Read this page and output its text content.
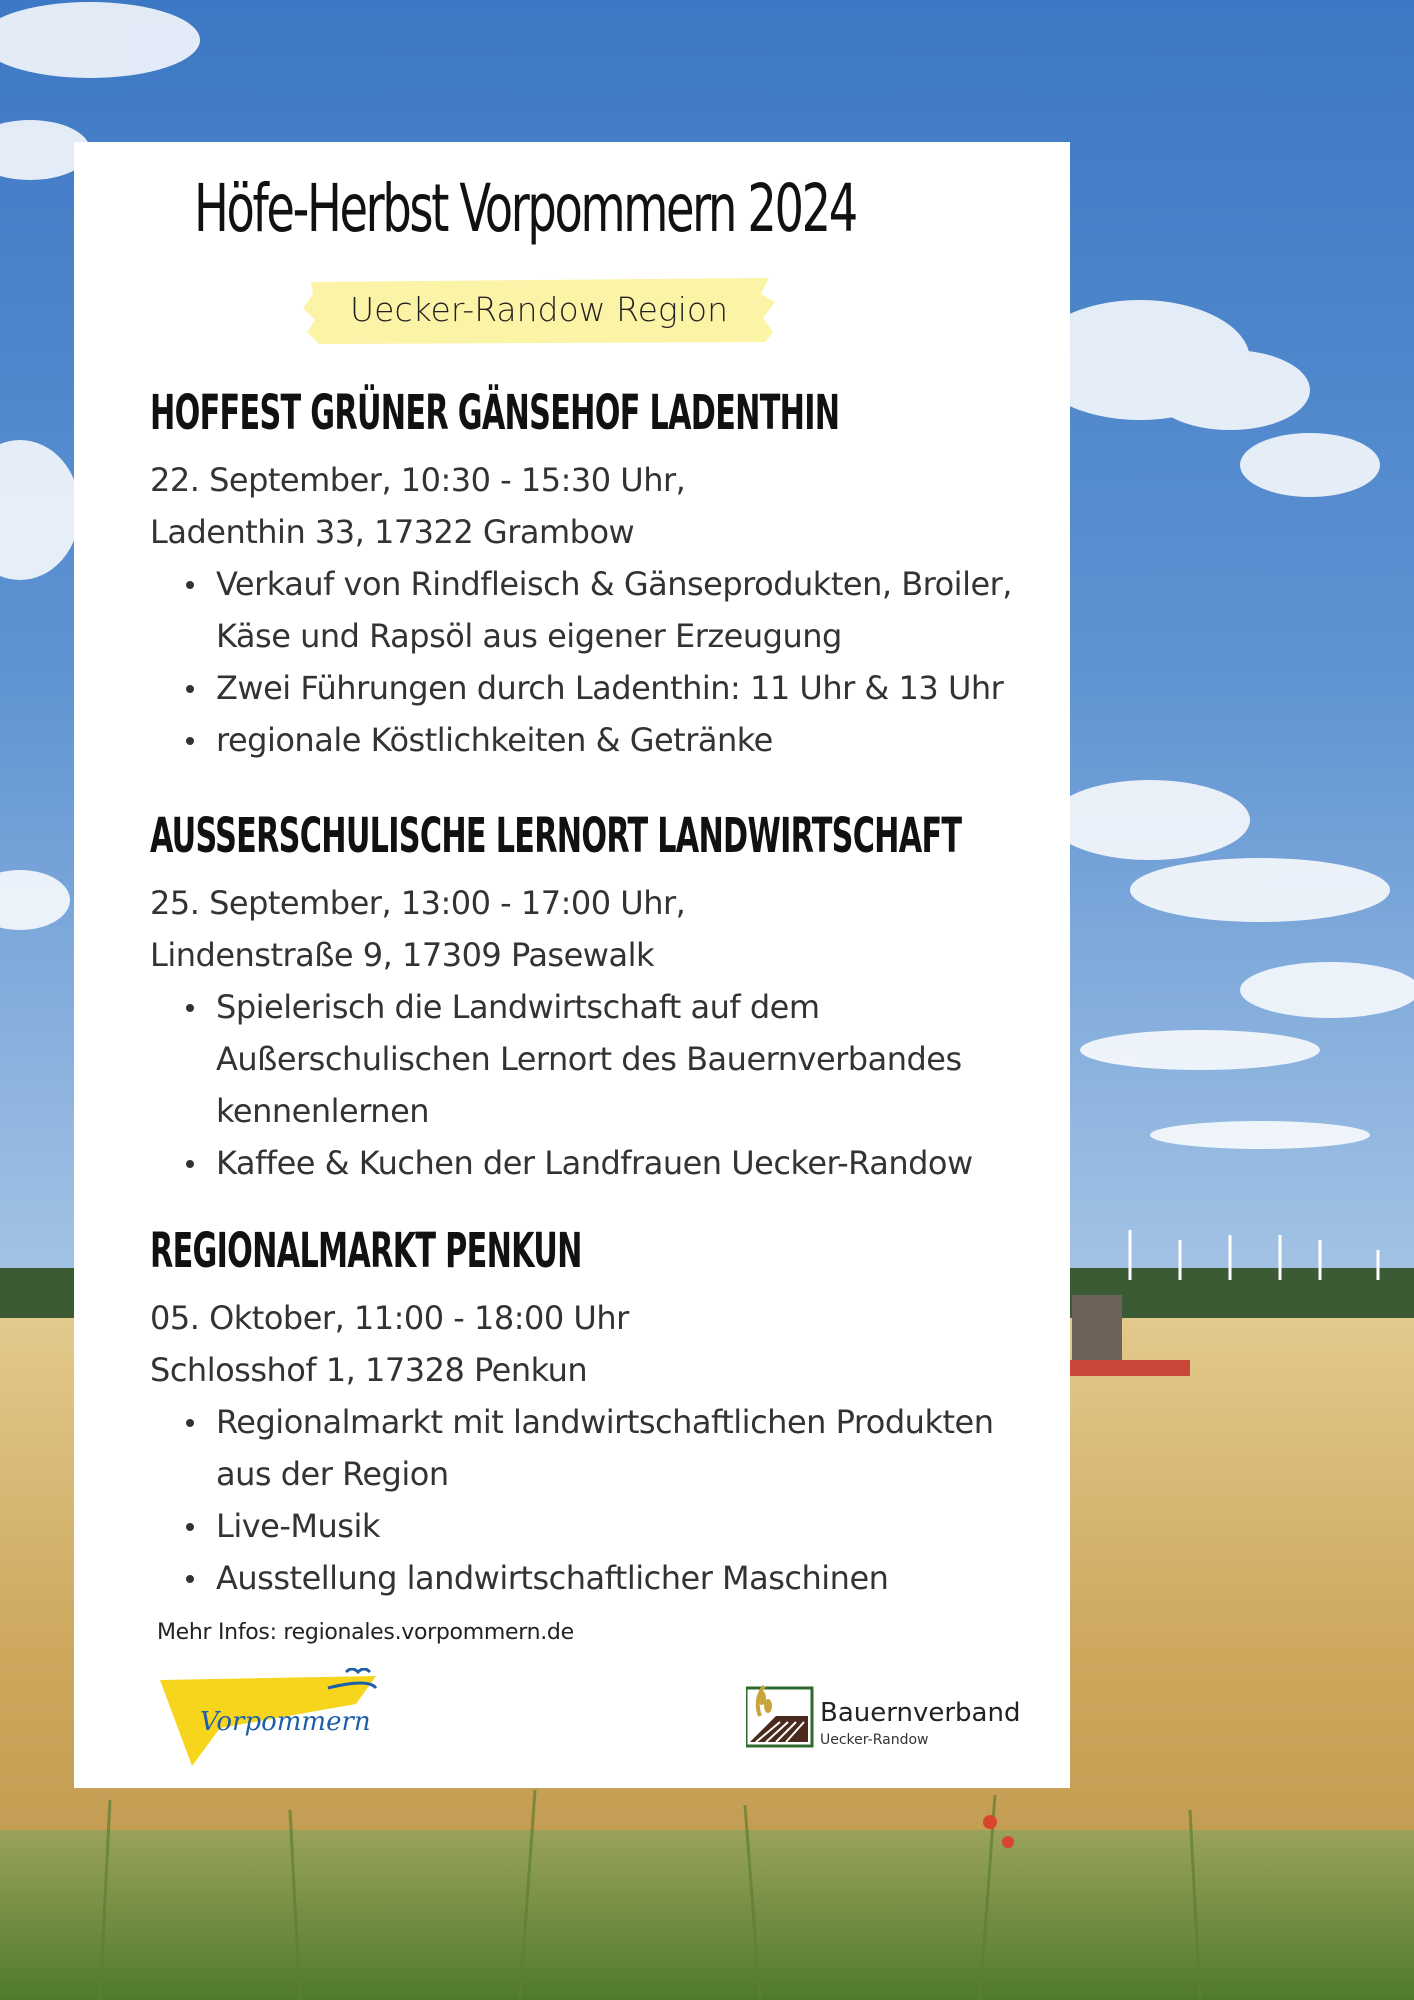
Höfe-Herbst Vorpommern 2024
Uecker-Randow Region
HOFFEST GRÜNER GÄNSEHOF LADENTHIN
22. September, 10:30 - 15:30 Uhr,
Ladenthin 33, 17322 Grambow
Verkauf von Rindfleisch & Gänseprodukten, Broiler,
Käse und Rapsöl aus eigener Erzeugung
Zwei Führungen durch Ladenthin: 11 Uhr & 13 Uhr
regionale Köstlichkeiten & Getränke
AUSSERSCHULISCHE LERNORT LANDWIRTSCHAFT
25. September, 13:00 - 17:00 Uhr,
Lindenstraße 9, 17309 Pasewalk
Spielerisch die Landwirtschaft auf dem
Außerschulischen Lernort des Bauernverbandes
kennenlernen
Kaffee & Kuchen der Landfrauen Uecker-Randow
REGIONALMARKT PENKUN
05. Oktober, 11:00 - 18:00 Uhr
Schlosshof 1, 17328 Penkun
Regionalmarkt mit landwirtschaftlichen Produkten
aus der Region
Live-Musik
Ausstellung landwirtschaftlicher Maschinen
Mehr Infos: regionales.vorpommern.de
Vorpommern	Bauernverband
Uecker-Randow
